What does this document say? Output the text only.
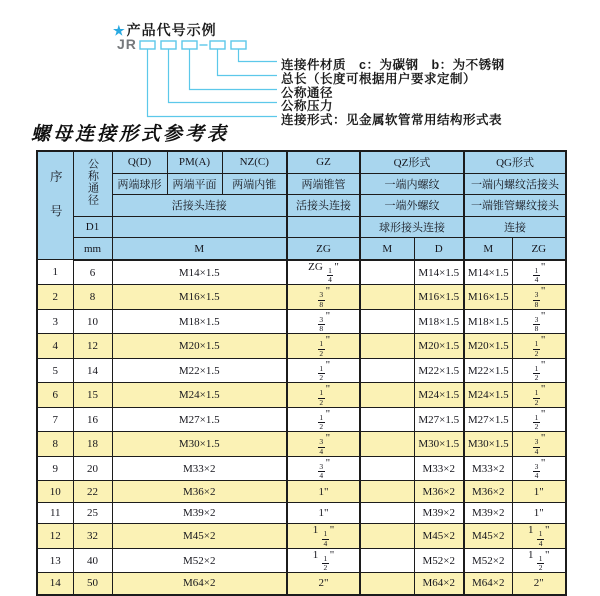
★产品代号示例
JR
连接件材质　c：为碳钢　b：为不锈钢
总长（长度可根据用户要求定制）
公称通径
公称压力
连接形式：见金属软管常用结构形式表
螺母连接形式参考表
序号	公称通径	Q(D)	PM(A)	NZ(C)	GZ	QZ形式		QG形式	
		两端球形	两端平面	两端内锥	两端锥管	一端内螺纹		一端内螺纹活接头	
		活接头连接			活接头连接	一端外螺纹		一端锥管螺纹接头	
	D1					球形接头连接		连接	
	mm	M			ZG	M	D	M	ZG
1	6	M14×1.5			ZG $\frac{1}{4}$ "		M14×1.5	M14×1.5	$\frac{1}{4}$ "
2	8	M16×1.5			$\frac{3}{8}$ "		M16×1.5	M16×1.5	$\frac{3}{8}$ "
3	10	M18×1.5			$\frac{3}{8}$ "		M18×1.5	M18×1.5	$\frac{3}{8}$ "
4	12	M20×1.5			$\frac{1}{2}$ "		M20×1.5	M20×1.5	$\frac{1}{2}$ "
5	14	M22×1.5			$\frac{1}{2}$ "		M22×1.5	M22×1.5	$\frac{1}{2}$ "
6	15	M24×1.5			$\frac{1}{2}$ "		M24×1.5	M24×1.5	$\frac{1}{2}$ "
7	16	M27×1.5			$\frac{1}{2}$ "		M27×1.5	M27×1.5	$\frac{1}{2}$ "
8	18	M30×1.5			$\frac{3}{4}$ "		M30×1.5	M30×1.5	$\frac{3}{4}$ "
9	20	M33×2			$\frac{3}{4}$ "		M33×2	M33×2	$\frac{3}{4}$ "
10	22	M36×2			1"		M36×2	M36×2	1"
11	25	M39×2			1"		M39×2	M39×2	1"
12	32	M45×2			$1 \frac{1}{4}$ "		M45×2	M45×2	$1 \frac{1}{4}$ "
13	40	M52×2			$1 \frac{1}{2}$ "		M52×2	M52×2	$1 \frac{1}{2}$ "
14	50	M64×2			2"		M64×2	M64×2	2"
